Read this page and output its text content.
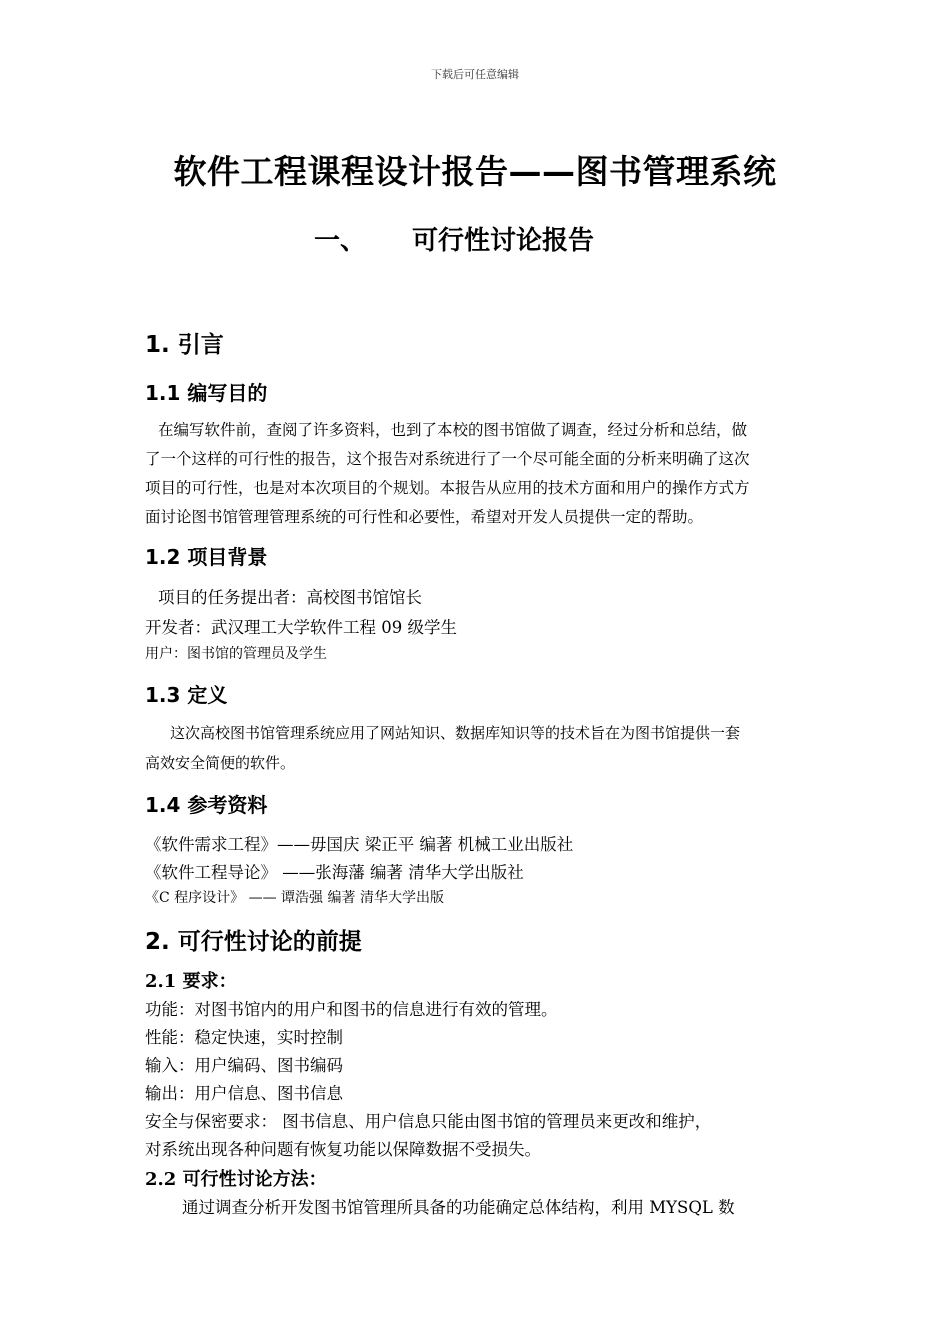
下载后可任意编辑
软件工程课程设计报告——图书管理系统
一、 可行性讨论报告
1. 引言
1.1 编写目的
在编写软件前，查阅了许多资料，也到了本校的图书馆做了调查，经过分析和总结，做
了一个这样的可行性的报告，这个报告对系统进行了一个尽可能全面的分析来明确了这次
项目的可行性，也是对本次项目的个规划。本报告从应用的技术方面和用户的操作方式方
面讨论图书馆管理管理系统的可行性和必要性，希望对开发人员提供一定的帮助。
1.2 项目背景
项目的任务提出者：高校图书馆馆长
开发者：武汉理工大学软件工程 09 级学生
用户：图书馆的管理员及学生
1.3 定义
这次高校图书馆管理系统应用了网站知识、数据库知识等的技术旨在为图书馆提供一套
高效安全简便的软件。
1.4 参考资料
《软件需求工程》——毋国庆 梁正平 编著 机械工业出版社
《软件工程导论》 ——张海藩 编著 清华大学出版社
《C 程序设计》 —— 谭浩强 编著 清华大学出版
2. 可行性讨论的前提
2.1 要求：
功能：对图书馆内的用户和图书的信息进行有效的管理。
性能：稳定快速，实时控制
输入：用户编码、图书编码
输出：用户信息、图书信息
安全与保密要求： 图书信息、用户信息只能由图书馆的管理员来更改和维护，
对系统出现各种问题有恢复功能以保障数据不受损失。
2.2 可行性讨论方法：
通过调查分析开发图书馆管理所具备的功能确定总体结构，利用 MYSQL 数
